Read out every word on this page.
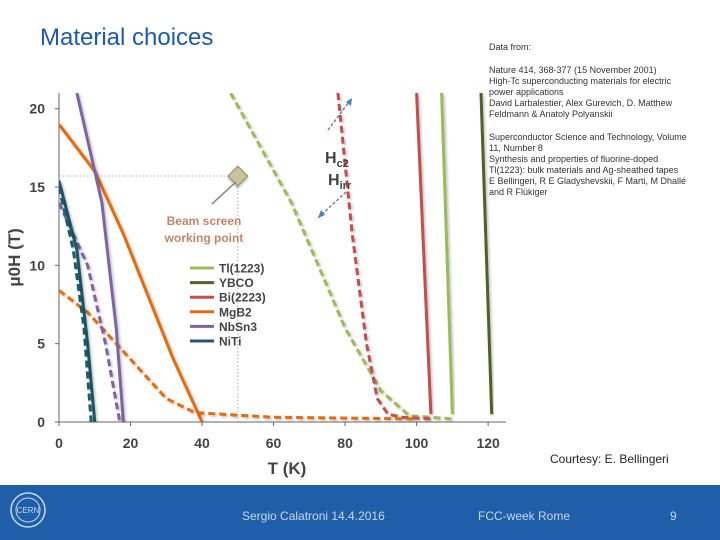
Material choices	Data from:

Nature 414, 368-377 (15 November 2001)
High-Tc superconducting materials for electric
power applications
David Larbalestier, Alex Gurevich, D. Matthew
Feldmann & Anatoly Polyanskii

Superconductor Science and Technology, Volume
11, Number 8
Synthesis and properties of fluorine-doped
Tl(1223): bulk materials and Ag-sheathed tapes
E Bellingeri, R E Gladyshevskii, F Marti, M Dhallé
and R Flükiger

0	20	40	60	80	100	120
0
5
10
15
20
T (K)
μ0H (T)
Beam screen working point
$H_{c2}$
$H_{irr}$
Tl(1223)
YBCO
Bi(2223)
MgB2
NbSn3
NiTi
Courtesy: E. Bellingeri
CERN	Sergio Calatroni 14.4.2016	FCC-week Rome	9
